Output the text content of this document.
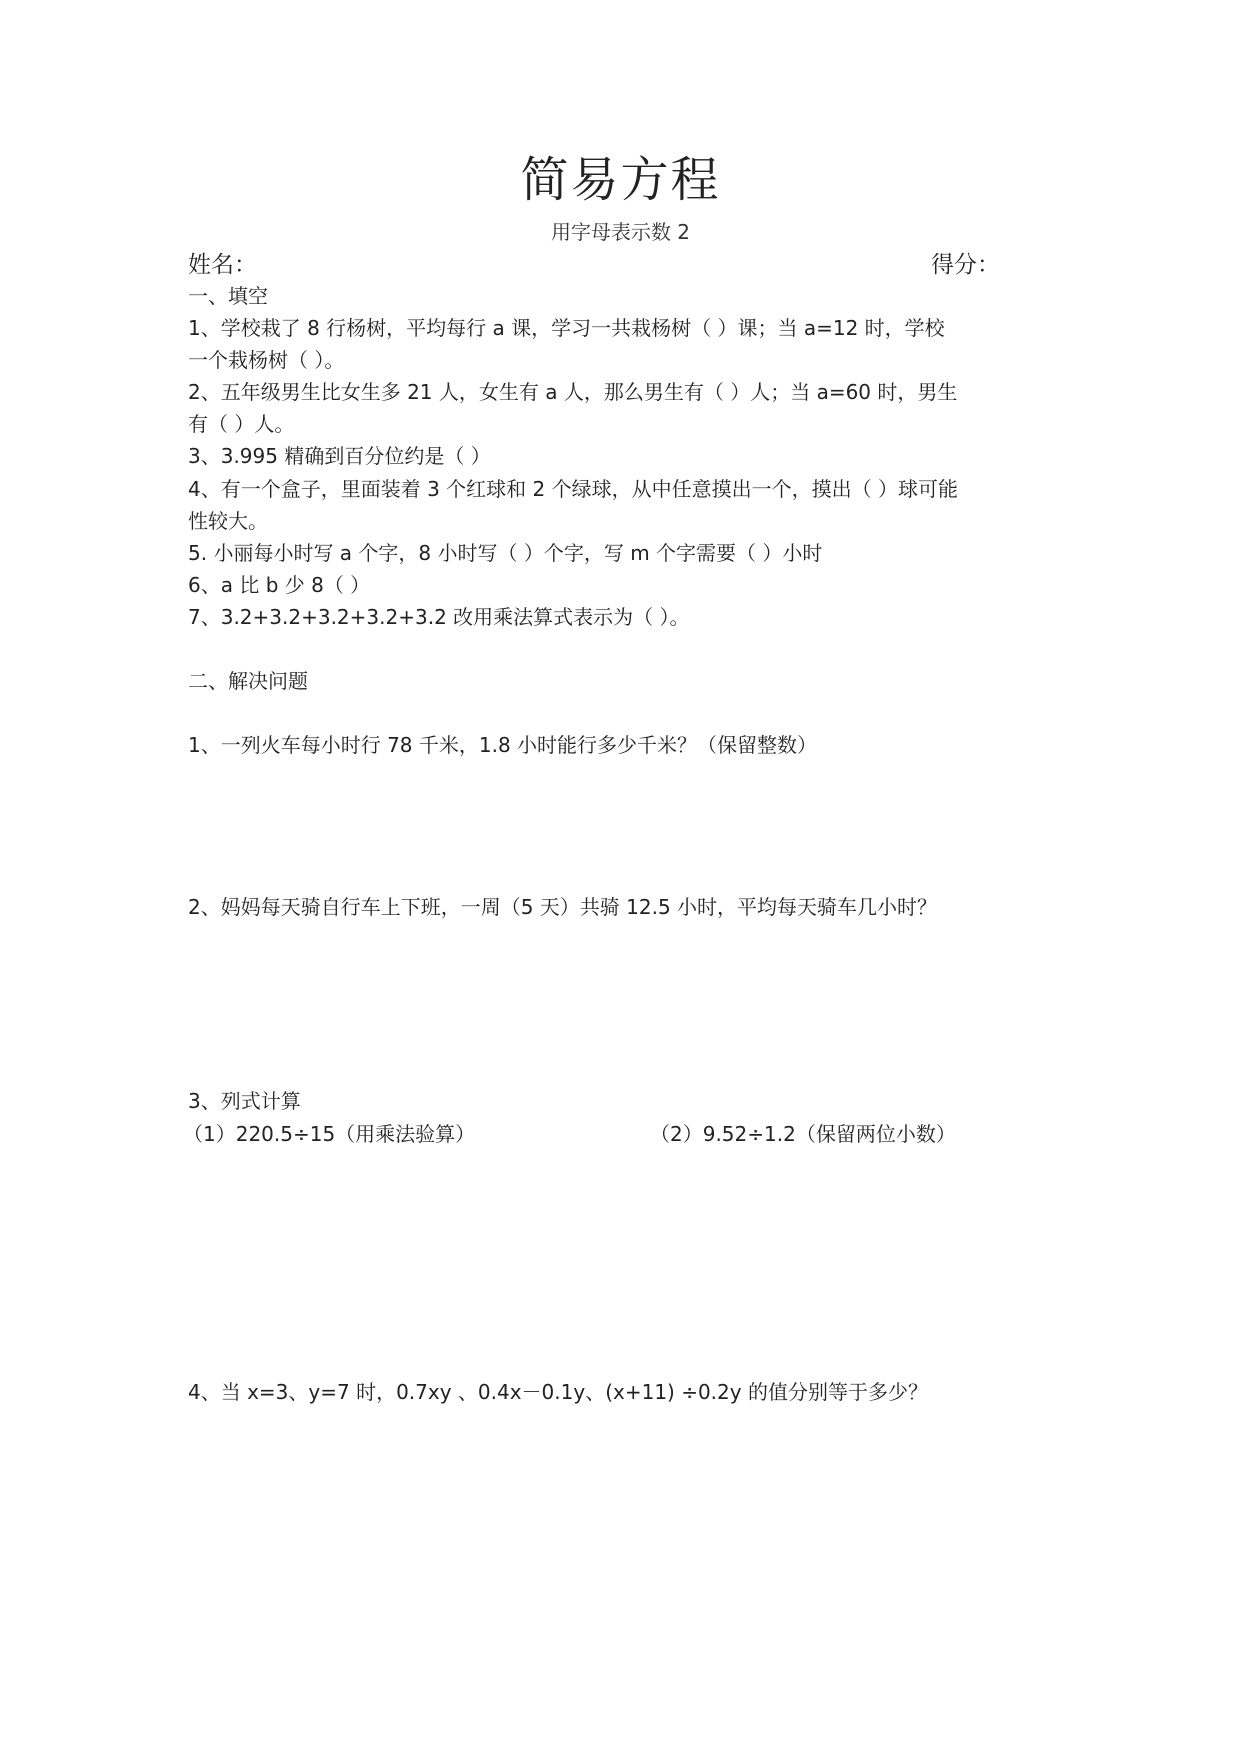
简易方程
用字母表示数 2
姓名：	得分：
一、填空
1、学校栽了 8 行杨树，平均每行 a 课，学习一共栽杨树（ ）课；当 a=12 时，学校
一个栽杨树（ ）。
2、五年级男生比女生多 21 人，女生有 a 人，那么男生有（ ）人；当 a=60 时，男生
有（ ）人。
3、3.995 精确到百分位约是（ ）
4、有一个盒子，里面装着 3 个红球和 2 个绿球，从中任意摸出一个，摸出（ ）球可能
性较大。
5. 小丽每小时写 a 个字，8 小时写（ ）个字，写 m 个字需要（ ）小时
6、a 比 b 少 8（ ）
7、3.2+3.2+3.2+3.2+3.2 改用乘法算式表示为（ ）。
二、解决问题
1、一列火车每小时行 78 千米，1.8 小时能行多少千米？（保留整数）
2、妈妈每天骑自行车上下班，一周（5 天）共骑 12.5 小时，平均每天骑车几小时？
3、列式计算
（1）220.5÷15（用乘法验算）	（2）9.52÷1.2（保留两位小数）
4、当 x=3、y=7 时，0.7xy 、0.4x－0.1y、(x+11) ÷0.2y 的值分别等于多少？
